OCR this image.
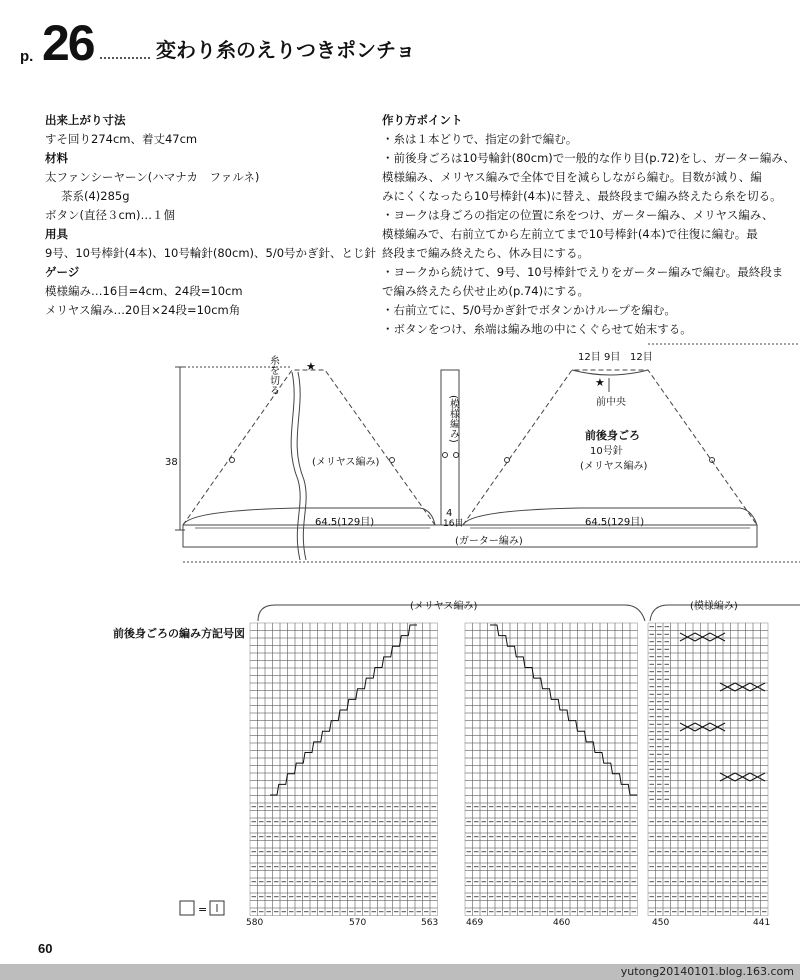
p. 26	変わり糸のえりつきポンチョ
出来上がり寸法
すそ回り274cm、着丈47cm
材料
太ファンシーヤーン(ハマナカ　ファルネ)
茶系(4)285g
ボタン(直径３cm)…１個
用具
9号、10号棒針(4本)、10号輪針(80cm)、5/0号かぎ針、とじ針
ゲージ
模様編み…16目=4cm、24段=10cm
メリヤス編み…20目×24段=10cm角
作り方ポイント
・糸は１本どりで、指定の針で編む。
・前後身ごろは10号輪針(80cm)で一般的な作り目(p.72)をし、ガーター編み、
模様編み、メリヤス編みで全体で目を減らしながら編む。目数が減り、編
みにくくなったら10号棒針(4本)に替え、最終段まで編み終えたら糸を切る。
・ヨークは身ごろの指定の位置に糸をつけ、ガーター編み、メリヤス編み、
模様編みで、右前立てから左前立てまで10号棒針(4本)で往復に編む。最
終段まで編み終えたら、休み目にする。
・ヨークから続けて、9号、10号棒針でえりをガーター編みで編む。最終段ま
で編み終えたら伏せ止め(p.74)にする。
・右前立てに、5/0号かぎ針でボタンかけループを編む。
・ボタンをつけ、糸端は編み地の中にくぐらせて始末する。
★
★
38
糸
を
切
る
(メリヤス編み)
(模様編み)
4
16目
64.5(129目)	64.5(129目)
(ガーター編み)
12目 9目 12目
前中央
前後身ごろ
10号針
(メリヤス編み)
前後身ごろの編み方記号図
(メリヤス編み)	(模様編み)
580	570	563	469	460	450	441
=
60
yutong20140101.blog.163.com
